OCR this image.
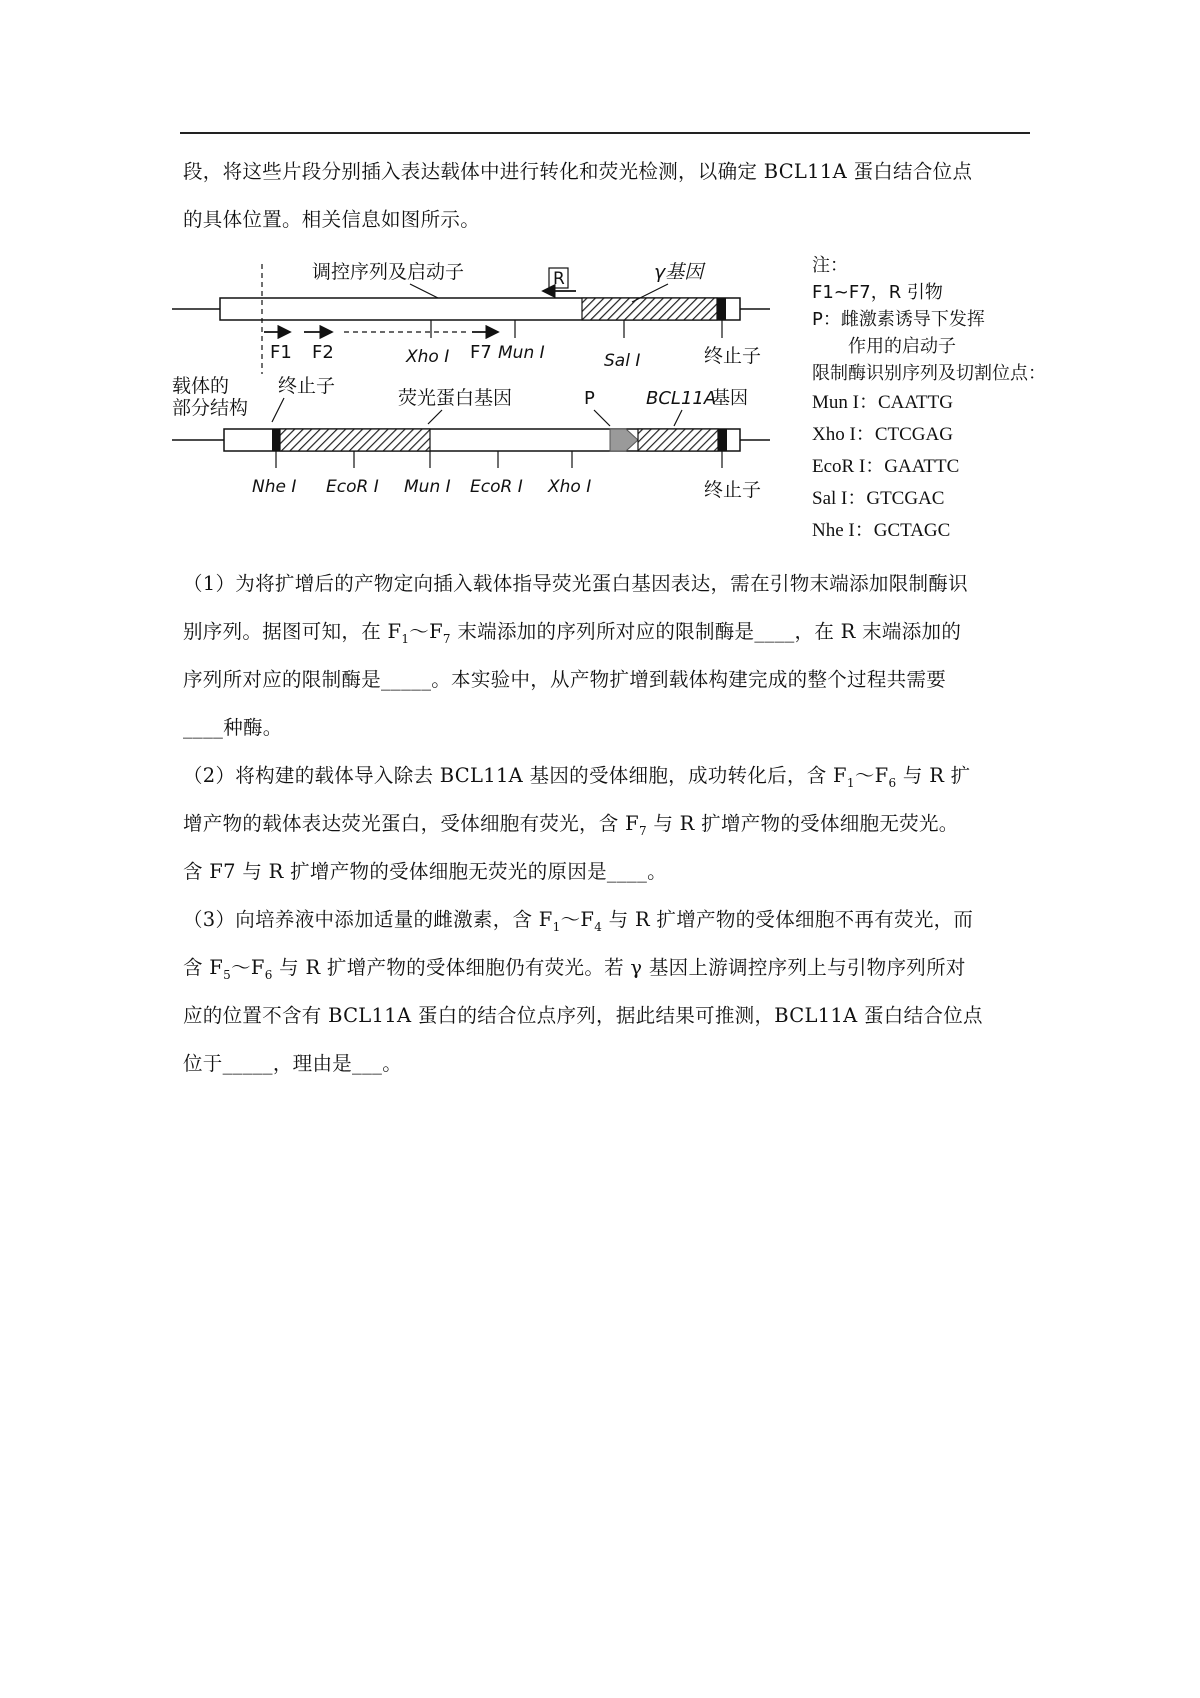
段，将这些片段分别插入表达载体中进行转化和荧光检测，以确定 BCL11A 蛋白结合位点

的具体位置。相关信息如图所示。

调控序列及启动子	γ基因
R
F1 F2	Xho I F7 Mun I	Sal I	终止子
载体的
部分结构
终止子
荧光蛋白基因	P	BCL11A
基因
Nhe I EcoR I Mun I EcoR I Xho I	终止子
注：
F1~F7，R 引物
P：雌激素诱导下发挥
作用的启动子
限制酶识别序列及切割位点：
Mun I：CAATTG
Xho I：CTCGAG
EcoR I：GAATTC
Sal I：GTCGAC
Nhe I：GCTAGC

（1）为将扩增后的产物定向插入载体指导荧光蛋白基因表达，需在引物末端添加限制酶识

别序列。据图可知，在 $F_1\sim F_7$ 末端添加的序列所对应的限制酶是____，在 R 末端添加的

序列所对应的限制酶是_____。本实验中，从产物扩增到载体构建完成的整个过程共需要

____种酶。

（2）将构建的载体导入除去 BCL11A 基因的受体细胞，成功转化后，含 $F_1\sim F_6$ 与 R 扩

增产物的载体表达荧光蛋白，受体细胞有荧光，含 $F_7$ 与 R 扩增产物的受体细胞无荧光。

含 F7 与 R 扩增产物的受体细胞无荧光的原因是____。

（3）向培养液中添加适量的雌激素，含 $F_1\sim F_4$ 与 R 扩增产物的受体细胞不再有荧光，而

含 $F_5\sim F_6$ 与 R 扩增产物的受体细胞仍有荧光。若 γ 基因上游调控序列上与引物序列所对

应的位置不含有 BCL11A 蛋白的结合位点序列，据此结果可推测，BCL11A 蛋白结合位点

位于_____，理由是___。
